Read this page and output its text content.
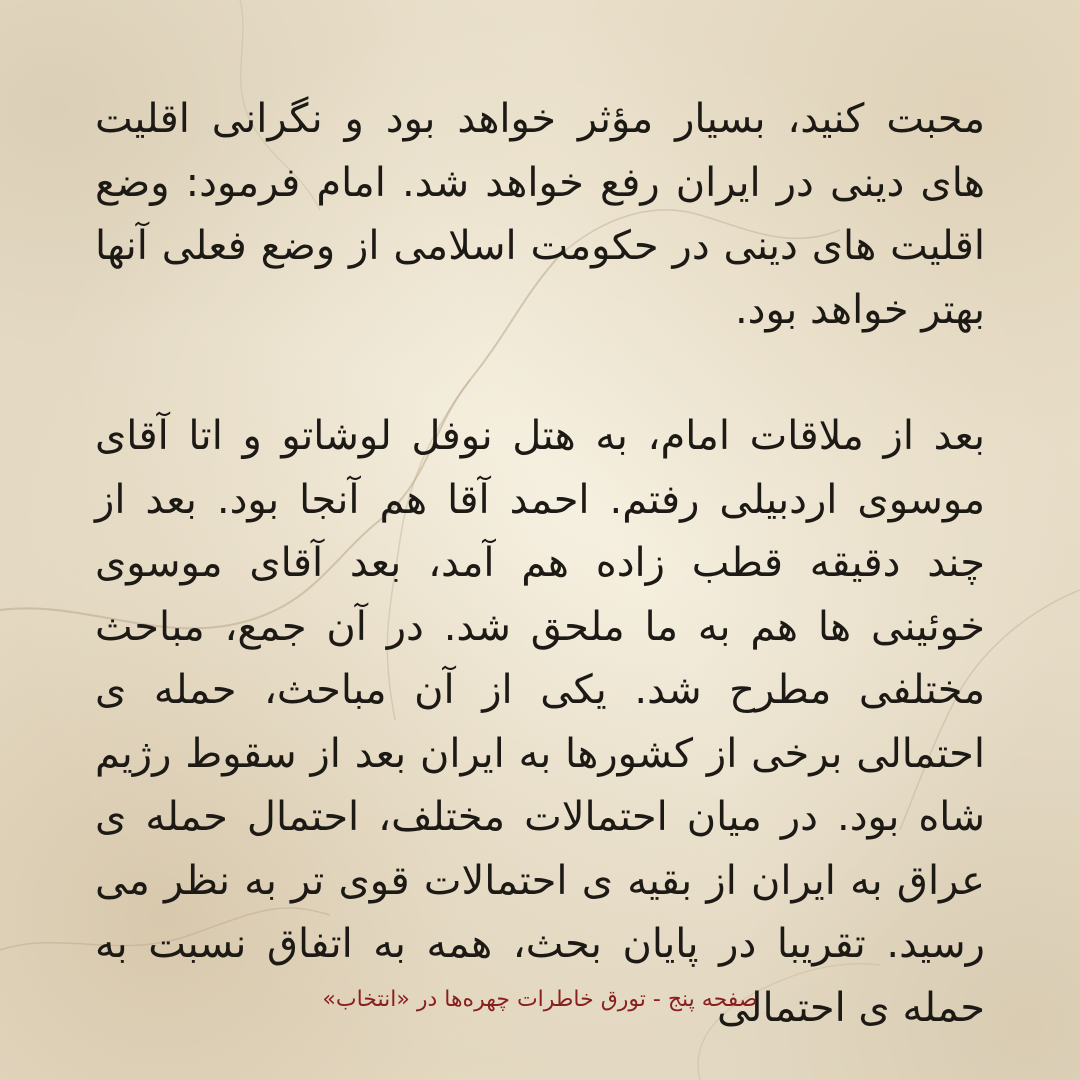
محبت کنید، بسیار مؤثر خواهد بود و نگرانی اقلیت های دینی در ایران رفع خواهد شد. امام فرمود: وضع اقلیت های دینی در حکومت اسلامی از وضع فعلی آنها بهتر خواهد بود.

بعد از ملاقات امام، به هتل نوفل لوشاتو و اتا آقای موسوی اردبیلی رفتم. احمد آقا هم آنجا بود. بعد از چند دقیقه قطب زاده هم آمد، بعد آقای موسوی خوئینی ها هم به ما ملحق شد. در آن جمع، مباحث مختلفی مطرح شد. یکی از آن مباحث، حمله ی احتمالی برخی از کشورها به ایران بعد از سقوط رژیم شاه بود. در میان احتمالات مختلف، احتمال حمله ی عراق به ایران از بقیه ی احتمالات قوی تر به نظر می رسید. تقریبا در پایان بحث، همه به اتفاق نسبت به حمله ی احتمالی

صفحه پنج - تورق خاطرات چهره‌ها در «انتخاب»
